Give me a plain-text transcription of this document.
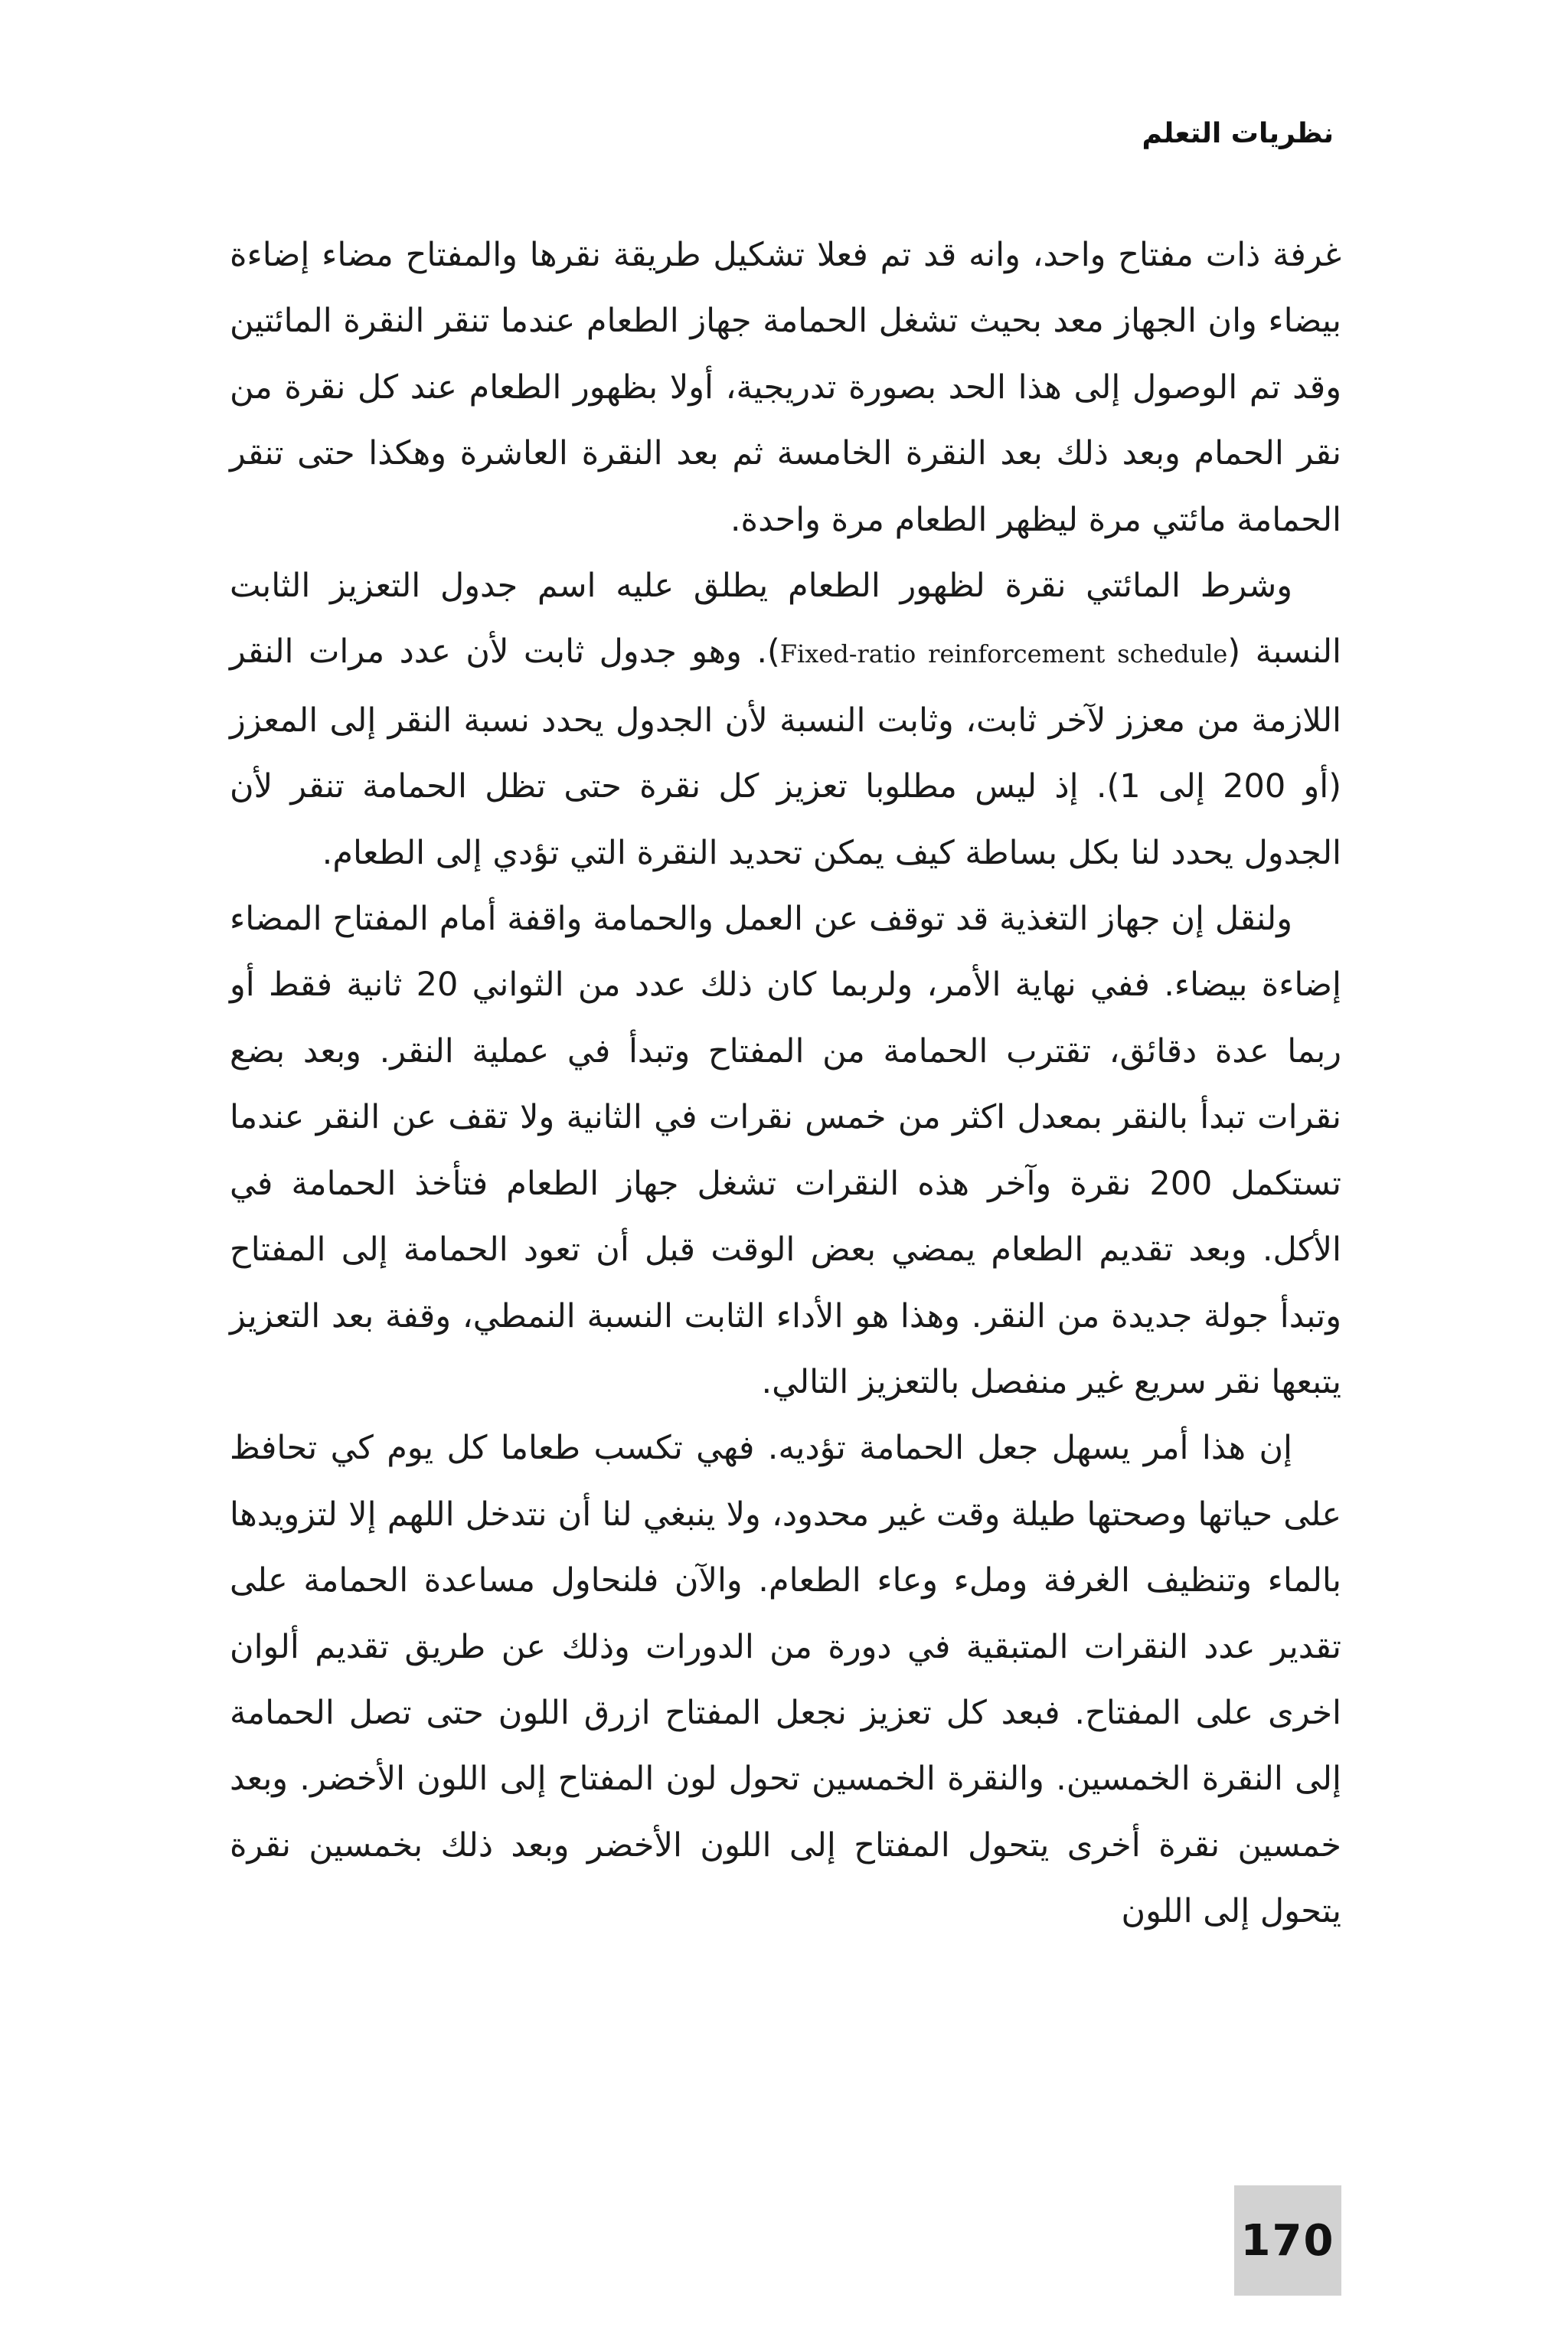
نظريات التعلم

غرفة ذات مفتاح واحد، وانه قد تم فعلا تشكيل طريقة نقرها والمفتاح مضاء إضاءة بيضاء وان الجهاز معد بحيث تشغل الحمامة جهاز الطعام عندما تنقر النقرة المائتين وقد تم الوصول إلى هذا الحد بصورة تدريجية، أولا بظهور الطعام عند كل نقرة من نقر الحمام وبعد ذلك بعد النقرة الخامسة ثم بعد النقرة العاشرة وهكذا حتى تنقر الحمامة مائتي مرة ليظهر الطعام مرة واحدة.

وشرط المائتي نقرة لظهور الطعام يطلق عليه اسم جدول التعزيز الثابت النسبة (Fixed-ratio reinforcement schedule). وهو جدول ثابت لأن عدد مرات النقر اللازمة من معزز لآخر ثابت، وثابت النسبة لأن الجدول يحدد نسبة النقر إلى المعزز (أو 200 إلى 1). إذ ليس مطلوبا تعزيز كل نقرة حتى تظل الحمامة تنقر لأن الجدول يحدد لنا بكل بساطة كيف يمكن تحديد النقرة التي تؤدي إلى الطعام.

ولنقل إن جهاز التغذية قد توقف عن العمل والحمامة واقفة أمام المفتاح المضاء إضاءة بيضاء. ففي نهاية الأمر، ولربما كان ذلك عدد من الثواني 20 ثانية فقط أو ربما عدة دقائق، تقترب الحمامة من المفتاح وتبدأ في عملية النقر. وبعد بضع نقرات تبدأ بالنقر بمعدل اكثر من خمس نقرات في الثانية ولا تقف عن النقر عندما تستكمل 200 نقرة وآخر هذه النقرات تشغل جهاز الطعام فتأخذ الحمامة في الأكل. وبعد تقديم الطعام يمضي بعض الوقت قبل أن تعود الحمامة إلى المفتاح وتبدأ جولة جديدة من النقر. وهذا هو الأداء الثابت النسبة النمطي، وقفة بعد التعزيز يتبعها نقر سريع غير منفصل بالتعزيز التالي.

إن هذا أمر يسهل جعل الحمامة تؤديه. فهي تكسب طعاما كل يوم كي تحافظ على حياتها وصحتها طيلة وقت غير محدود، ولا ينبغي لنا أن نتدخل اللهم إلا لتزويدها بالماء وتنظيف الغرفة وملء وعاء الطعام. والآن فلنحاول مساعدة الحمامة على تقدير عدد النقرات المتبقية في دورة من الدورات وذلك عن طريق تقديم ألوان اخرى على المفتاح. فبعد كل تعزيز نجعل المفتاح ازرق اللون حتى تصل الحمامة إلى النقرة الخمسين. والنقرة الخمسين تحول لون المفتاح إلى اللون الأخضر. وبعد خمسين نقرة أخرى يتحول المفتاح إلى اللون الأخضر وبعد ذلك بخمسين نقرة يتحول إلى اللون

170
